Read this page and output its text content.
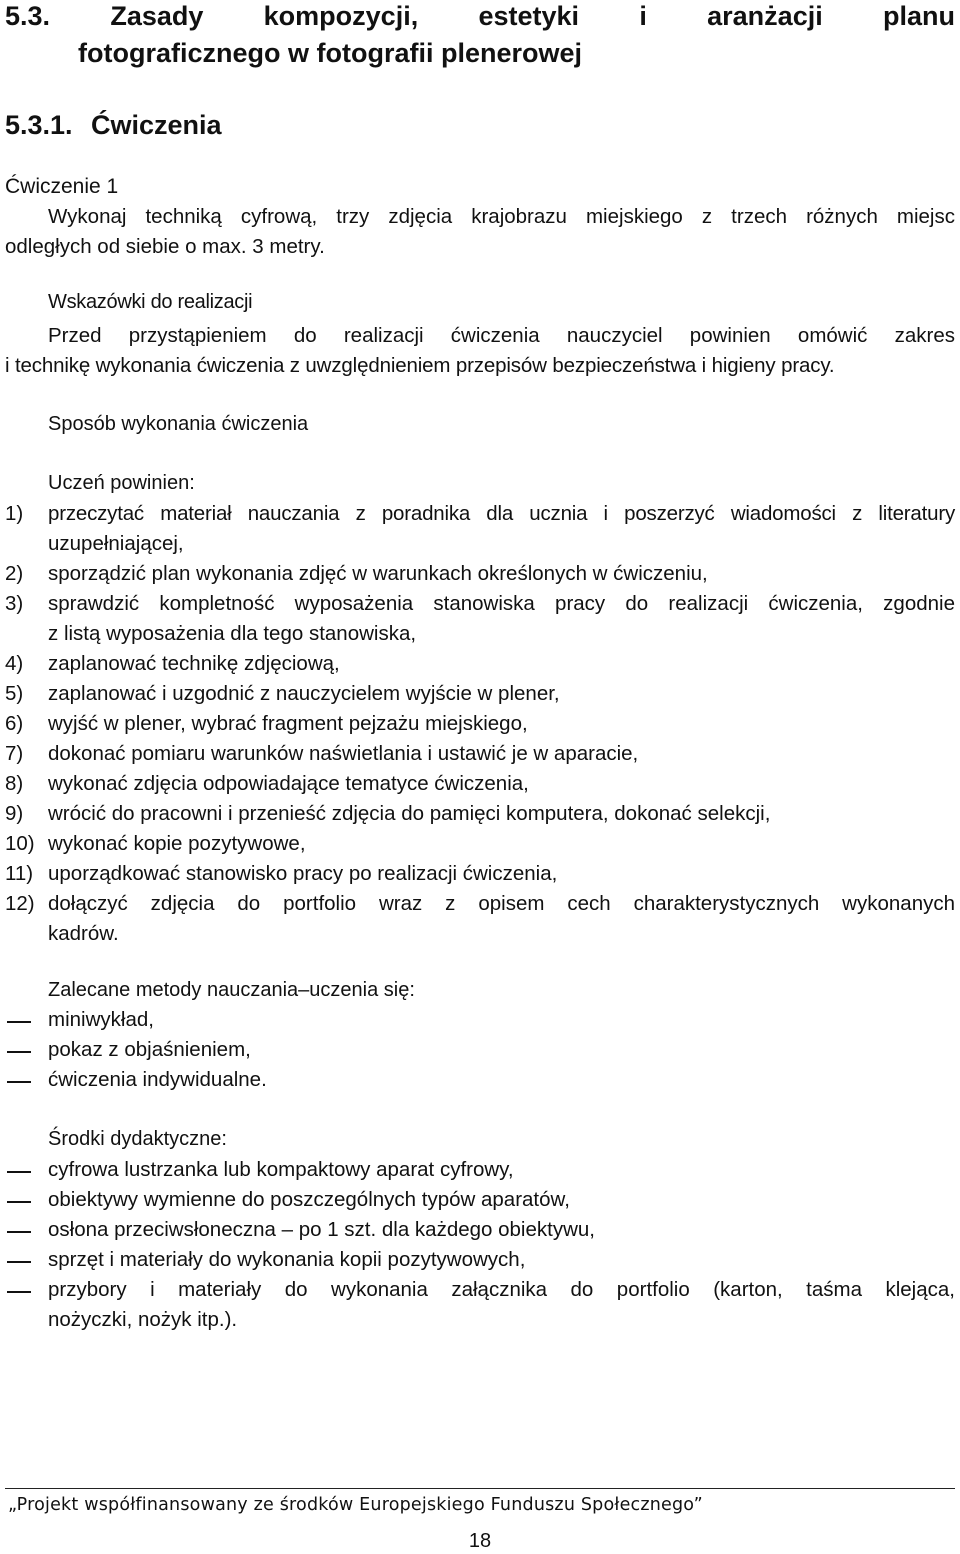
5.3. Zasady kompozycji, estetyki i aranżacji planu
fotograficznego w fotografii plenerowej
5.3.1. Ćwiczenia
Ćwiczenie 1
Wykonaj techniką cyfrową, trzy zdjęcia krajobrazu miejskiego z trzech różnych miejsc
odległych od siebie o max. 3 metry.
Wskazówki do realizacji
Przed przystąpieniem do realizacji ćwiczenia nauczyciel powinien omówić zakres
i technikę wykonania ćwiczenia z uwzględnieniem przepisów bezpieczeństwa i higieny pracy.
Sposób wykonania ćwiczenia
Uczeń powinien:
1)	przeczytać materiał nauczania z poradnika dla ucznia i poszerzyć wiadomości z literatury
uzupełniającej,
2)	sporządzić plan wykonania zdjęć w warunkach określonych w ćwiczeniu,
3)	sprawdzić kompletność wyposażenia stanowiska pracy do realizacji ćwiczenia, zgodnie
z listą wyposażenia dla tego stanowiska,
4)	zaplanować technikę zdjęciową,
5)	zaplanować i uzgodnić z nauczycielem wyjście w plener,
6)	wyjść w plener, wybrać fragment pejzażu miejskiego,
7)	dokonać pomiaru warunków naświetlania i ustawić je w aparacie,
8)	wykonać zdjęcia odpowiadające tematyce ćwiczenia,
9)	wrócić do pracowni i przenieść zdjęcia do pamięci komputera, dokonać selekcji,
10) wykonać kopie pozytywowe,
11) uporządkować stanowisko pracy po realizacji ćwiczenia,
12) dołączyć zdjęcia do portfolio wraz z opisem cech charakterystycznych wykonanych
kadrów.
Zalecane metody nauczania–uczenia się:
miniwykład,
pokaz z objaśnieniem,
ćwiczenia indywidualne.
Środki dydaktyczne:
cyfrowa lustrzanka lub kompaktowy aparat cyfrowy,
obiektywy wymienne do poszczególnych typów aparatów,
osłona przeciwsłoneczna – po 1 szt. dla każdego obiektywu,
sprzęt i materiały do wykonania kopii pozytywowych,
przybory i materiały do wykonania załącznika do portfolio (karton, taśma klejąca,
nożyczki, nożyk itp.).
„Projekt współfinansowany ze środków Europejskiego Funduszu Społecznego”
18
